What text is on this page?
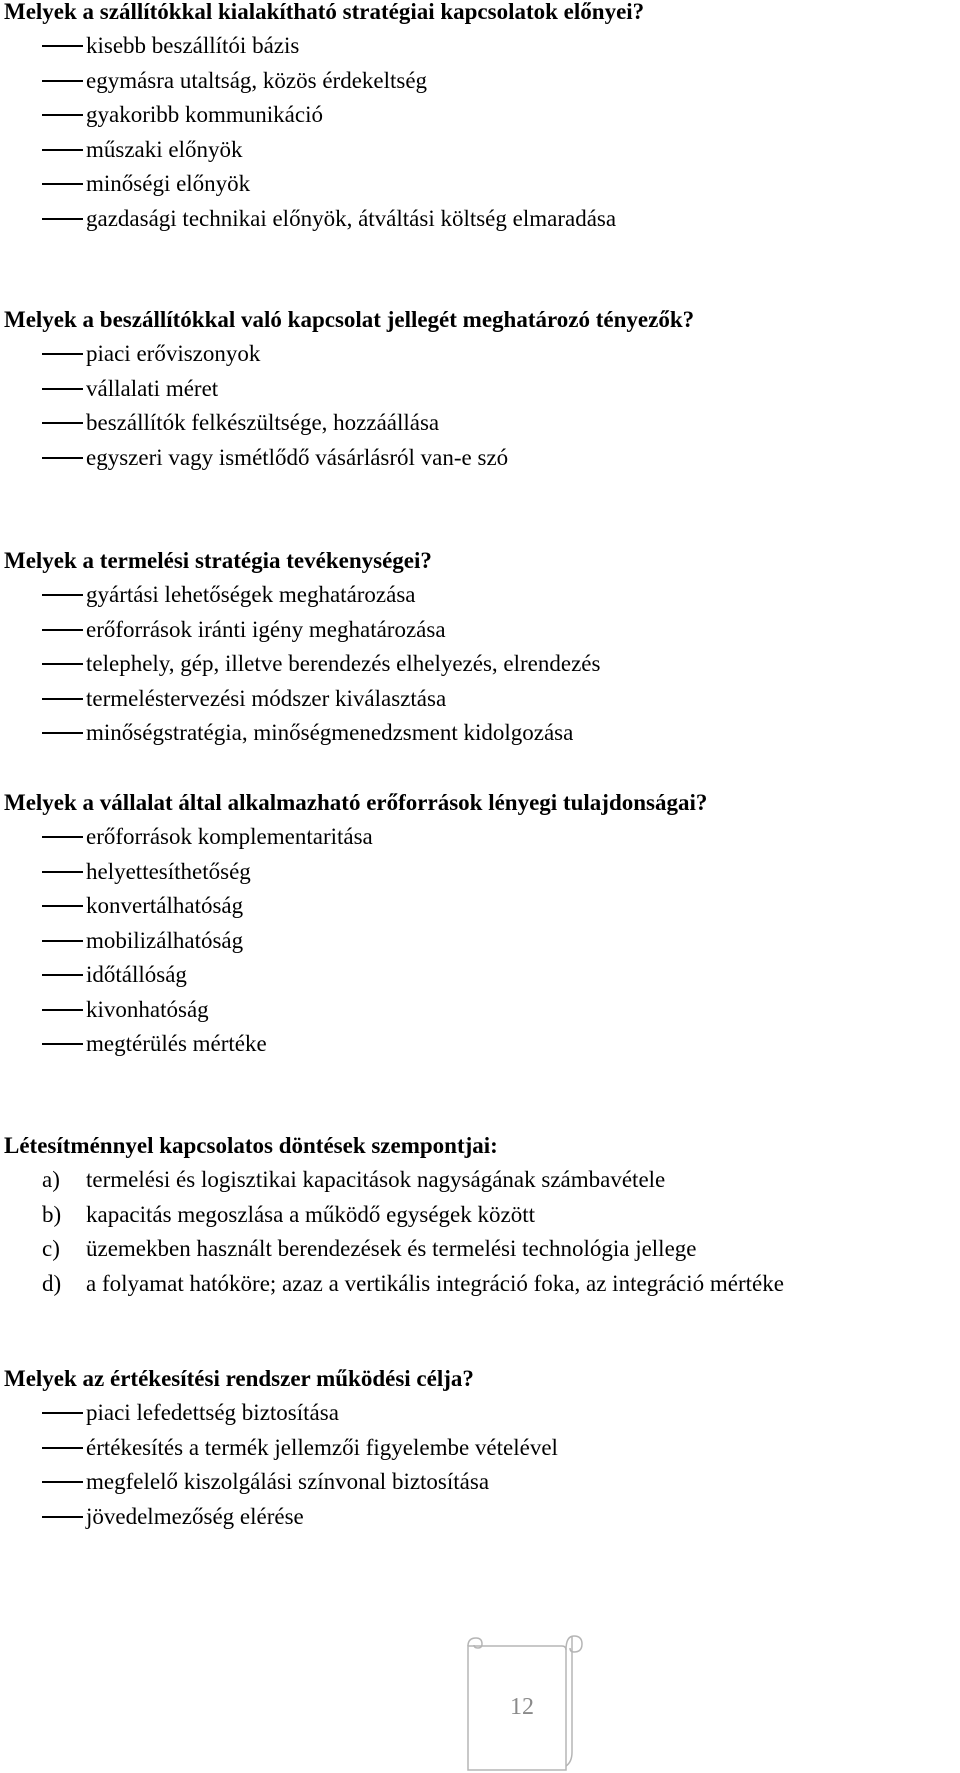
Melyek a szállítókkal kialakítható stratégiai kapcsolatok előnyei?
kisebb beszállítói bázis
egymásra utaltság, közös érdekeltség
gyakoribb kommunikáció
műszaki előnyök
minőségi előnyök
gazdasági technikai előnyök, átváltási költség elmaradása
Melyek a beszállítókkal való kapcsolat jellegét meghatározó tényezők?
piaci erőviszonyok
vállalati méret
beszállítók felkészültsége, hozzáállása
egyszeri vagy ismétlődő vásárlásról van-e szó
Melyek a termelési stratégia tevékenységei?
gyártási lehetőségek meghatározása
erőforrások iránti igény meghatározása
telephely, gép, illetve berendezés elhelyezés, elrendezés
termeléstervezési módszer kiválasztása
minőségstratégia, minőségmenedzsment kidolgozása
Melyek a vállalat által alkalmazható erőforrások lényegi tulajdonságai?
erőforrások komplementaritása
helyettesíthetőség
konvertálhatóság
mobilizálhatóság
időtállóság
kivonhatóság
megtérülés mértéke
Létesítménnyel kapcsolatos döntések szempontjai:
a) termelési és logisztikai kapacitások nagyságának számbavétele
b) kapacitás megoszlása a működő egységek között
c) üzemekben használt berendezések és termelési technológia jellege
d) a folyamat hatóköre; azaz a vertikális integráció foka, az integráció mértéke
Melyek az értékesítési rendszer működési célja?
piaci lefedettség biztosítása
értékesítés a termék jellemzői figyelembe vételével
megfelelő kiszolgálási színvonal biztosítása
jövedelmezőség elérése
12
